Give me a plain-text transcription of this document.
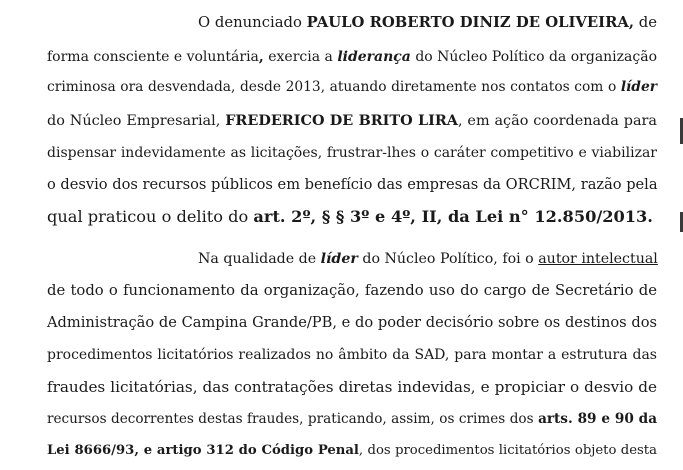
O denunciado PAULO ROBERTO DINIZ DE OLIVEIRA, de
forma consciente e voluntária, exercia a liderança do Núcleo Político da organização
criminosa ora desvendada, desde 2013, atuando diretamente nos contatos com o líder
do Núcleo Empresarial, FREDERICO DE BRITO LIRA, em ação coordenada para
dispensar indevidamente as licitações, frustrar-lhes o caráter competitivo e viabilizar
o desvio dos recursos públicos em benefício das empresas da ORCRIM, razão pela
qual praticou o delito do art. 2º, § § 3º e 4º, II, da Lei n° 12.850/2013.
Na qualidade de líder do Núcleo Político, foi o autor intelectual
de todo o funcionamento da organização, fazendo uso do cargo de Secretário de
Administração de Campina Grande/PB, e do poder decisório sobre os destinos dos
procedimentos licitatórios realizados no âmbito da SAD, para montar a estrutura das
fraudes licitatórias, das contratações diretas indevidas, e propiciar o desvio de
recursos decorrentes destas fraudes, praticando, assim, os crimes dos arts. 89 e 90 da
Lei 8666/93, e artigo 312 do Código Penal, dos procedimentos licitatórios objeto desta
